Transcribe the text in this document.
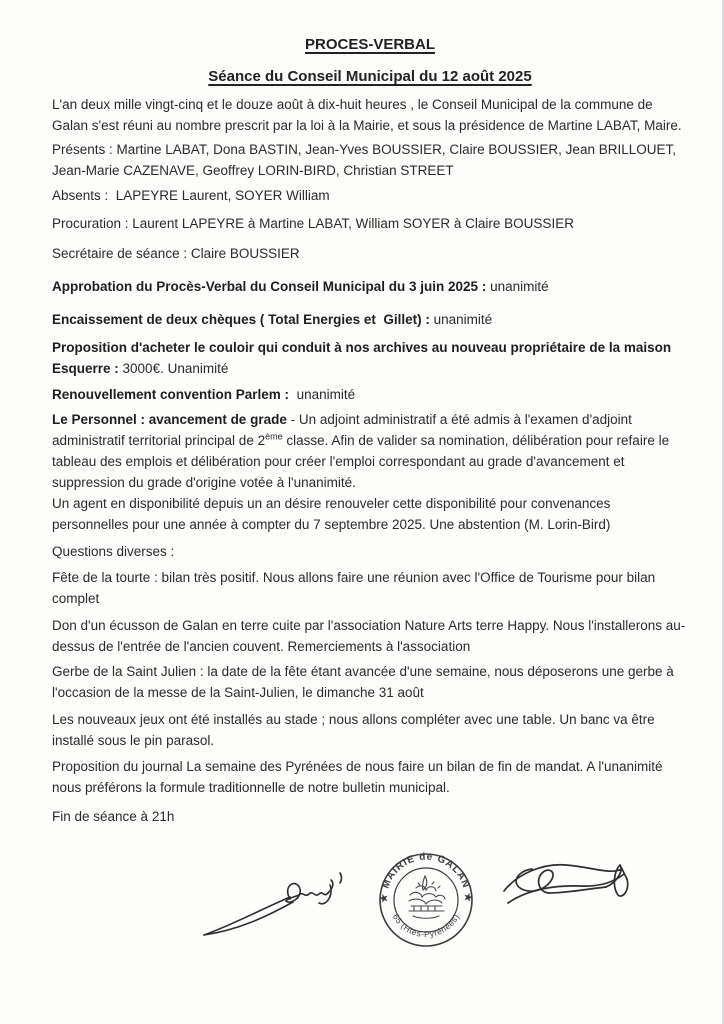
PROCES-VERBAL

Séance du Conseil Municipal du 12 août 2025

L'an deux mille vingt-cinq et le douze août à dix-huit heures , le Conseil Municipal de la commune de Galan s'est réuni au nombre prescrit par la loi à la Mairie, et sous la présidence de Martine LABAT, Maire.

Présents : Martine LABAT, Dona BASTIN, Jean-Yves BOUSSIER, Claire BOUSSIER, Jean BRILLOUET, Jean-Marie CAZENAVE, Geoffrey LORIN-BIRD, Christian STREET

Absents :  LAPEYRE Laurent, SOYER William

Procuration : Laurent LAPEYRE à Martine LABAT, William SOYER à Claire BOUSSIER

Secrétaire de séance : Claire BOUSSIER

Approbation du Procès-Verbal du Conseil Municipal du 3 juin 2025 : unanimité

Encaissement de deux chèques ( Total Energies et  Gillet) : unanimité

Proposition d'acheter le couloir qui conduit à nos archives au nouveau propriétaire de la maison Esquerre : 3000€. Unanimité

Renouvellement convention Parlem :  unanimité

Le Personnel : avancement de grade - Un adjoint administratif a été admis à l'examen d'adjoint administratif territorial principal de 2ème classe. Afin de valider sa nomination, délibération pour refaire le tableau des emplois et délibération pour créer l'emploi correspondant au grade d'avancement et suppression du grade d'origine votée à l'unanimité.

Un agent en disponibilité depuis un an désire renouveler cette disponibilité pour convenances personnelles pour une année à compter du 7 septembre 2025. Une abstention (M. Lorin-Bird)

Questions diverses :

Fête de la tourte : bilan très positif. Nous allons faire une réunion avec l'Office de Tourisme pour bilan complet

Don d'un écusson de Galan en terre cuite par l'association Nature Arts terre Happy. Nous l'installerons au-dessus de l'entrée de l'ancien couvent. Remerciements à l'association

Gerbe de la Saint Julien : la date de la fête étant avancée d'une semaine, nous déposerons une gerbe à l'occasion de la messe de la Saint-Julien, le dimanche 31 août

Les nouveaux jeux ont été installés au stade ; nous allons compléter avec une table. Un banc va être installé sous le pin parasol.

Proposition du journal La semaine des Pyrénées de nous faire un bilan de fin de mandat. A l'unanimité nous préférons la formule traditionnelle de notre bulletin municipal.

Fin de séance à 21h

★ MAIRIE de GALAN ★
65 (Htes-Pyrénées)
